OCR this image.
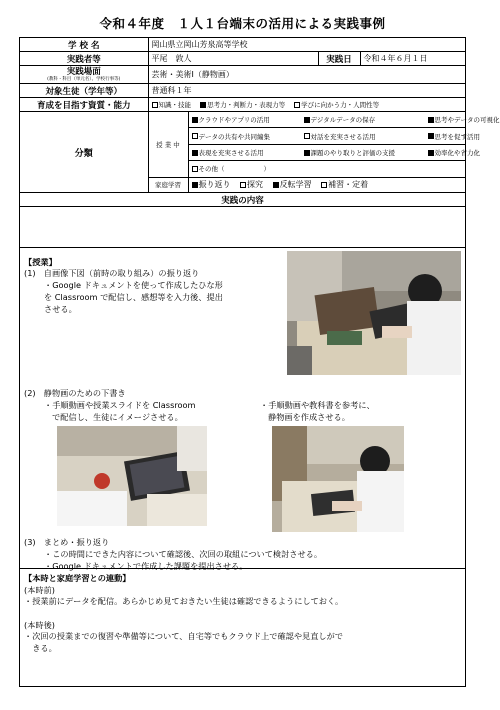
令和４年度　１人１台端末の活用による実践事例
学 校 名	岡山県立岡山芳泉高等学校			
実践者等	平尾　敦人		実践日	令和４年６月１日
実践場面
(教科・科目（単元名）、学校行事等)	芸術・美術Ⅰ（静物画）			
対象生徒（学年等）	普通科１年			
育成を目指す資質・能力	知識・技能 思考力・判断力・表現力等 学びに向かう力・人間性等			
分類	授 業 中	クラウドやアプリの活用 デジタルデータの保存 思考やデータの可視化		
		データの共有や共同編集 対話を充実させる活用 思考を促す活用		
		表現を充実させる活用 課題のやり取りと評価の支援 効率化や省力化		
		その他（　　　　　　）		
	家庭学習	振り返り 探究 反転学習 補習・定着		
実践の内容				
【授業】
(1)　自画像下図（前時の取り組み）の振り返り
・Google ドキュメントを使って作成したひな形
を Classroom で配信し、感想等を入力後、提出
させる。
(2)　静物画のための下書き
・手順動画や授業スライドを Classroom
で配信し、生徒にイメージさせる。
・手順動画や教科書を参考に、
静物画を作成させる。
(3)　まとめ・振り返り
・この時間にできた内容について確認後、次回の取組について検討させる。
・Google ドキュメントで作成した課題を提出させる。
【本時と家庭学習との連動】
(本時前)
・授業前にデータを配信。あらかじめ見ておきたい生徒は確認できるようにしておく。
(本時後)
・次回の授業までの復習や準備等について、自宅等でもクラウド上で確認や見直しがで
　きる。
